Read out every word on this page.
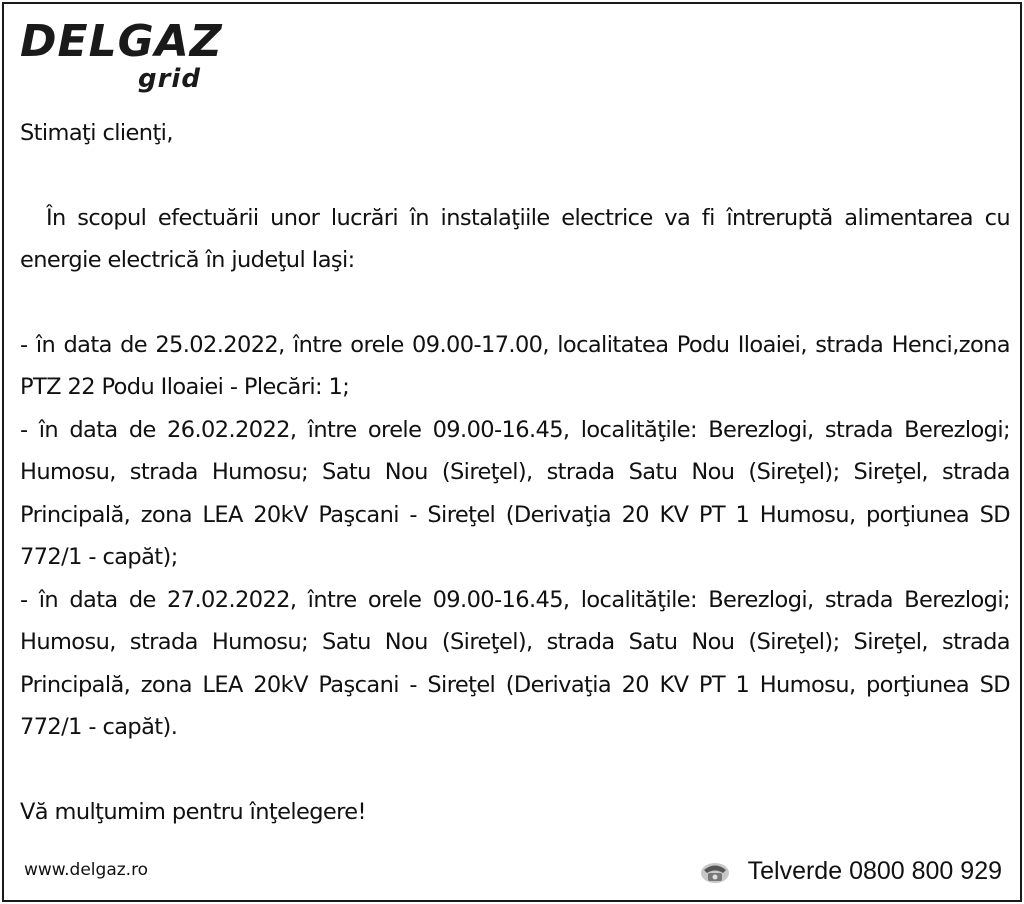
DELGAZ
grid

Stimaţi clienţi,

În scopul efectuării unor lucrări în instalaţiile electrice va fi întreruptă alimentarea cu energie electrică în judeţul Iaşi:

- în data de 25.02.2022, între orele 09.00-17.00, localitatea Podu Iloaiei, strada Henci,zona PTZ 22 Podu Iloaiei - Plecări: 1;

- în data de 26.02.2022, între orele 09.00-16.45, localităţile: Berezlogi, strada Berezlogi; Humosu, strada Humosu; Satu Nou (Sireţel), strada Satu Nou (Sireţel); Sireţel, strada Principală, zona LEA 20kV Paşcani - Sireţel (Derivaţia 20 KV PT 1 Humosu, porţiunea SD 772/1 - capăt);

- în data de 27.02.2022, între orele 09.00-16.45, localităţile: Berezlogi, strada Berezlogi; Humosu, strada Humosu; Satu Nou (Sireţel), strada Satu Nou (Sireţel); Sireţel, strada Principală, zona LEA 20kV Paşcani - Sireţel (Derivaţia 20 KV PT 1 Humosu, porţiunea SD 772/1 - capăt).

Vă mulţumim pentru înţelegere!

www.delgaz.ro	Telverde 0800 800 929
